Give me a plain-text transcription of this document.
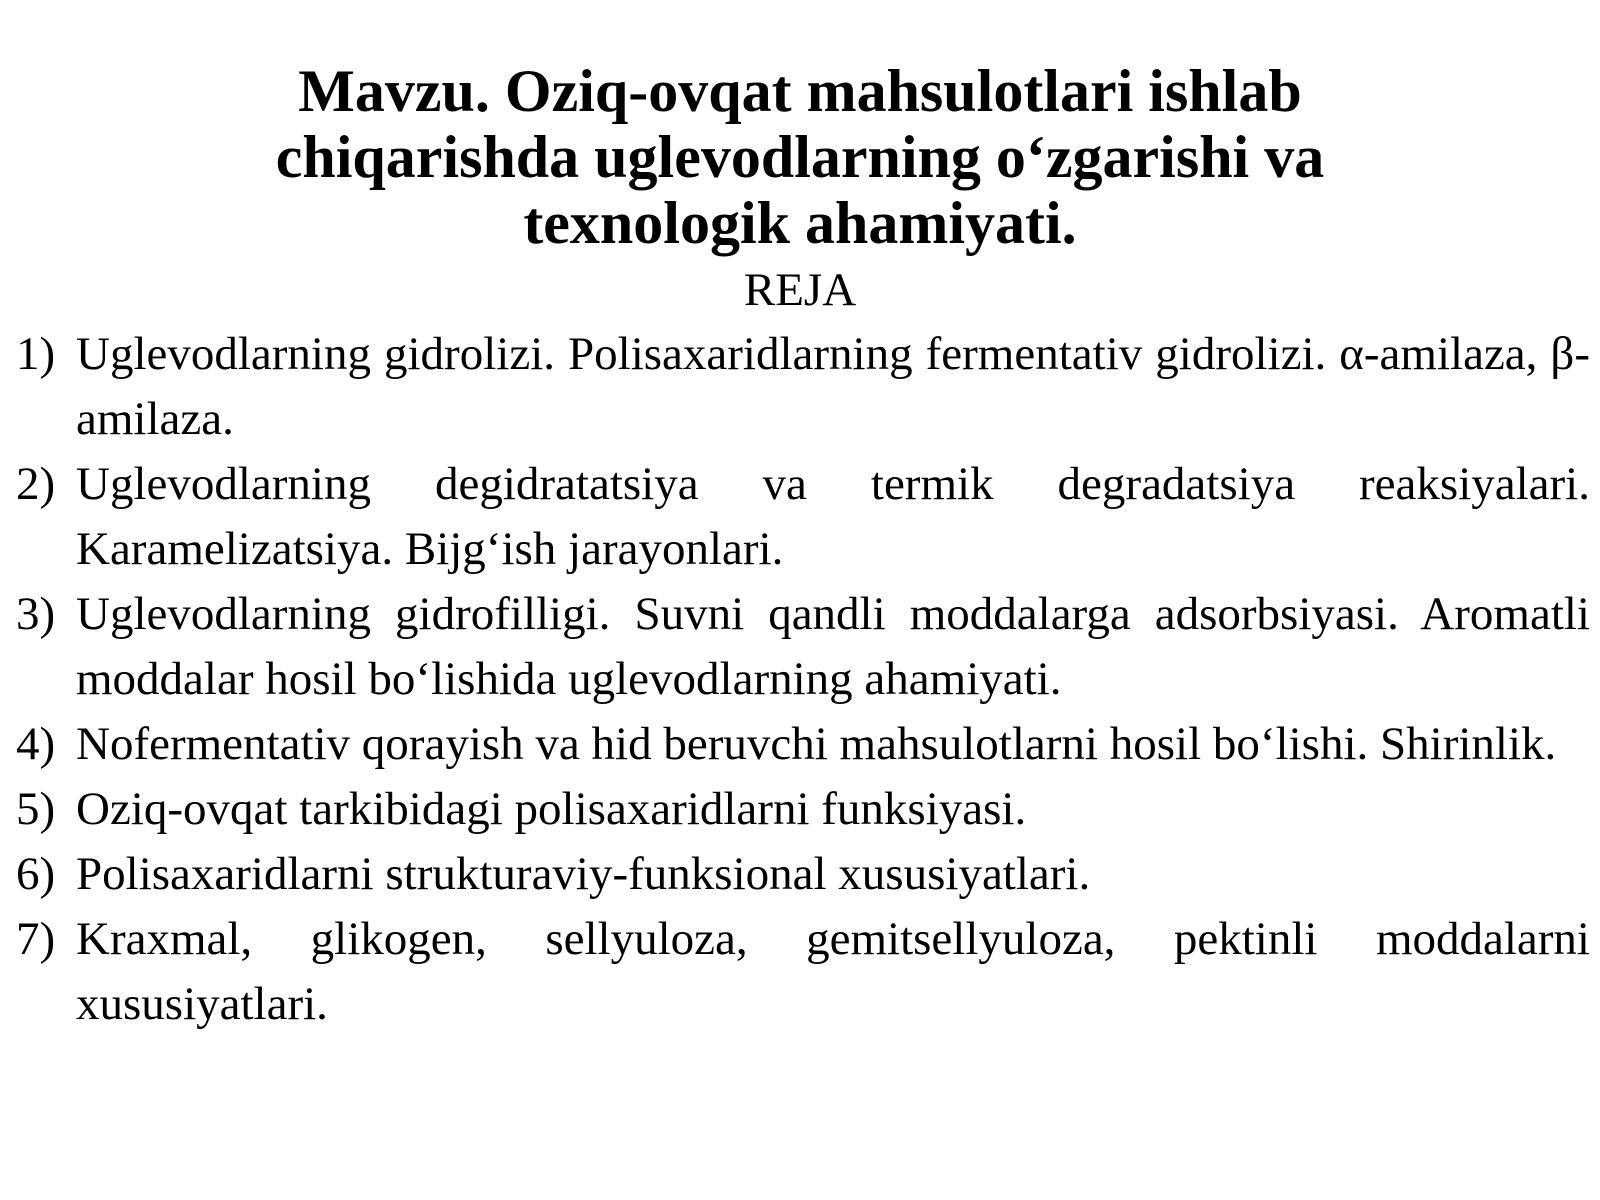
Mavzu. Oziq-ovqat mahsulotlari ishlab chiqarishda uglevodlarning o‘zgarishi va texnologik ahamiyati.
REJA
1) Uglevodlarning gidrolizi. Polisaxaridlarning fermentativ gidrolizi. α-amilaza, β-amilaza.
2) Uglevodlarning degidratatsiya va termik degradatsiya reaksiyalari. Karamelizatsiya. Bijg‘ish jarayonlari.
3) Uglevodlarning gidrofilligi. Suvni qandli moddalarga adsorbsiyasi. Aromatli moddalar hosil bo‘lishida uglevodlarning ahamiyati.
4) Nofermentativ qorayish va hid beruvchi mahsulotlarni hosil bo‘lishi. Shirinlik.
5) Oziq-ovqat tarkibidagi polisaxaridlarni funksiyasi.
6) Polisaxaridlarni strukturaviy-funksional xususiyatlari.
7) Kraxmal, glikogen, sellyuloza, gemitsellyuloza, pektinli moddalarni xususiyatlari.
